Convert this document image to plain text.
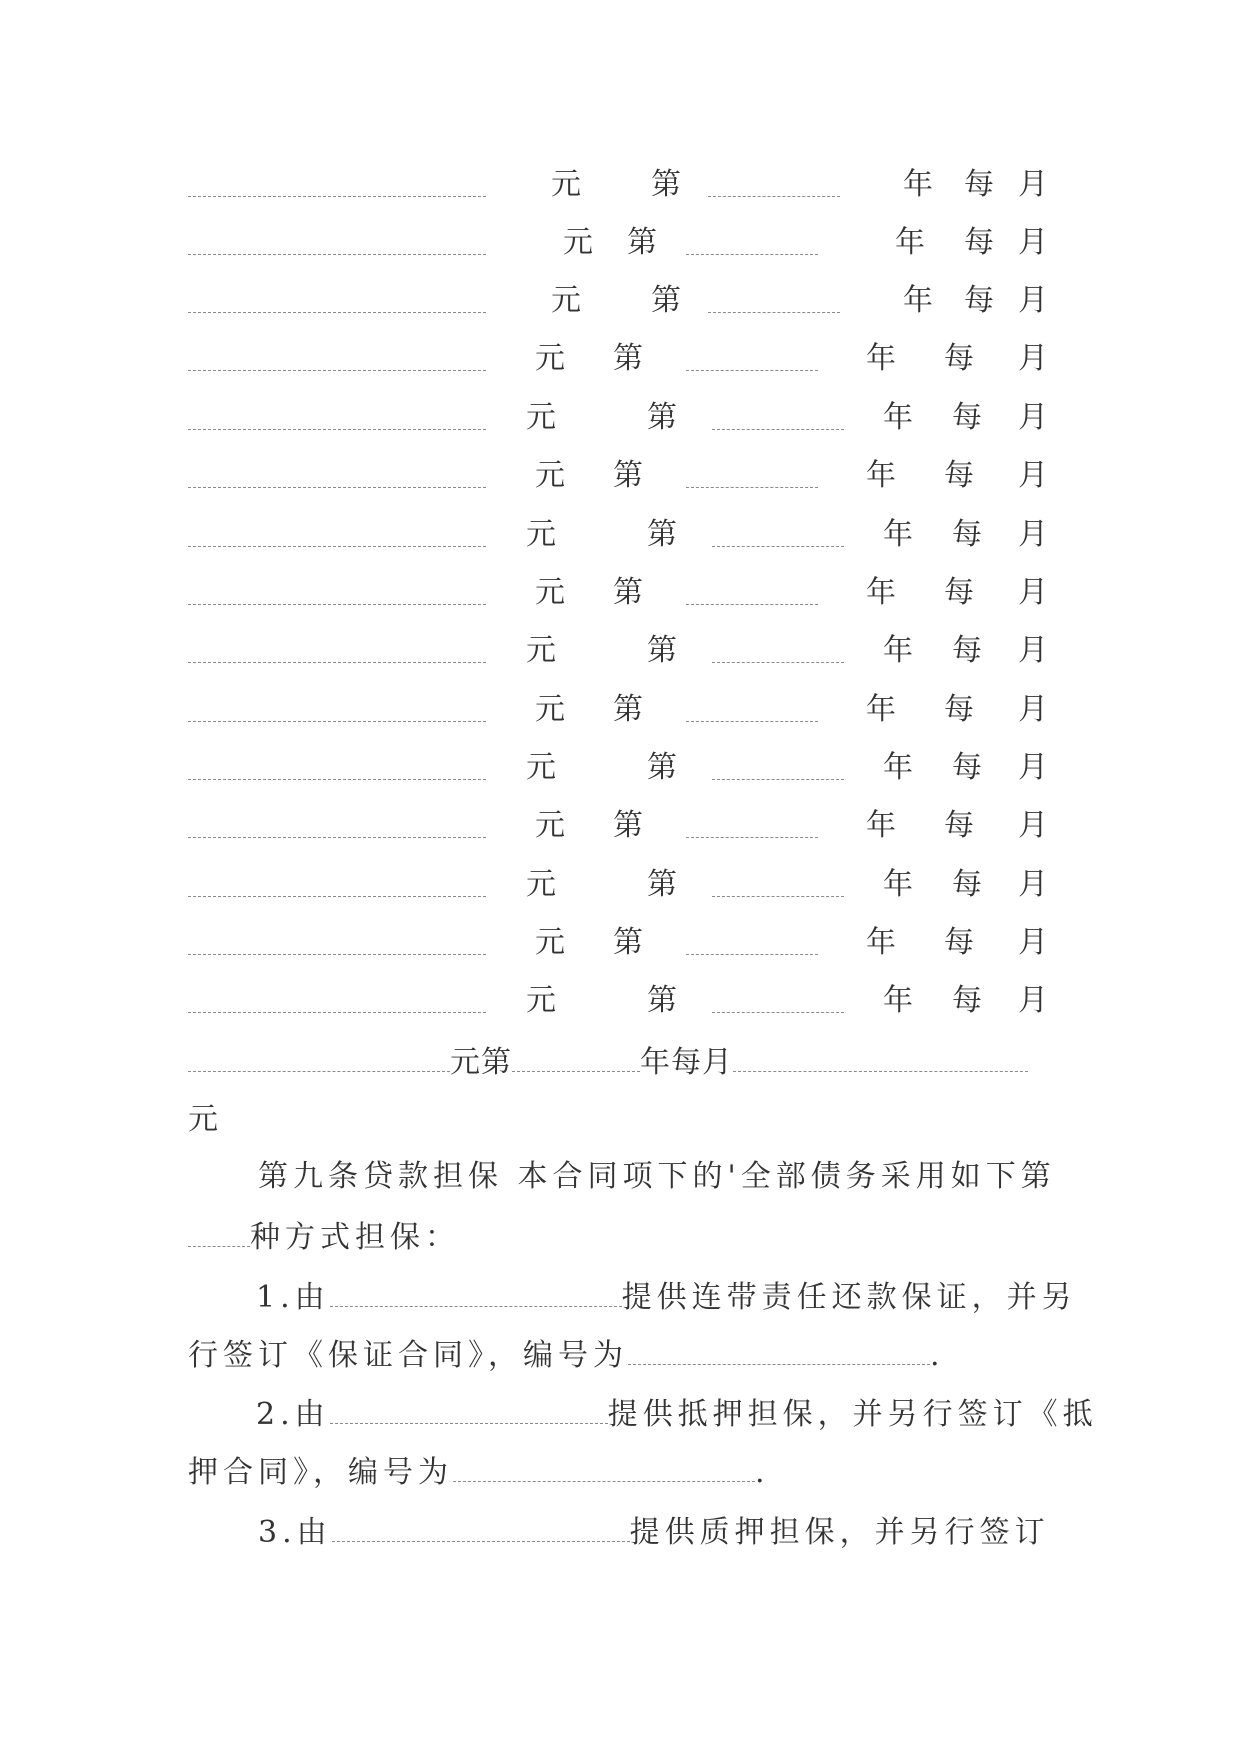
元 第	年 每 月
元 第	年 每 月
元 第	年 每 月
元 第	年 每 月
元	第	年 每 月
元 第	年 每 月
元	第	年 每 月
元 第	年 每 月
元	第	年 每 月
元 第	年 每 月
元	第	年 每 月
元 第	年 每 月
元	第	年 每 月
元 第	年 每 月
元	第	年 每 月
元第	年每月
元
第九条贷款担保 本合同项下的'全部债务采用如下第
种方式担保：
1.由	提供连带责任还款保证，并另
行签订《保证合同》，编号为	.
2.由	提供抵押担保，并另行签订《抵
押合同》，编号为	.
3.由	提供质押担保，并另行签订
